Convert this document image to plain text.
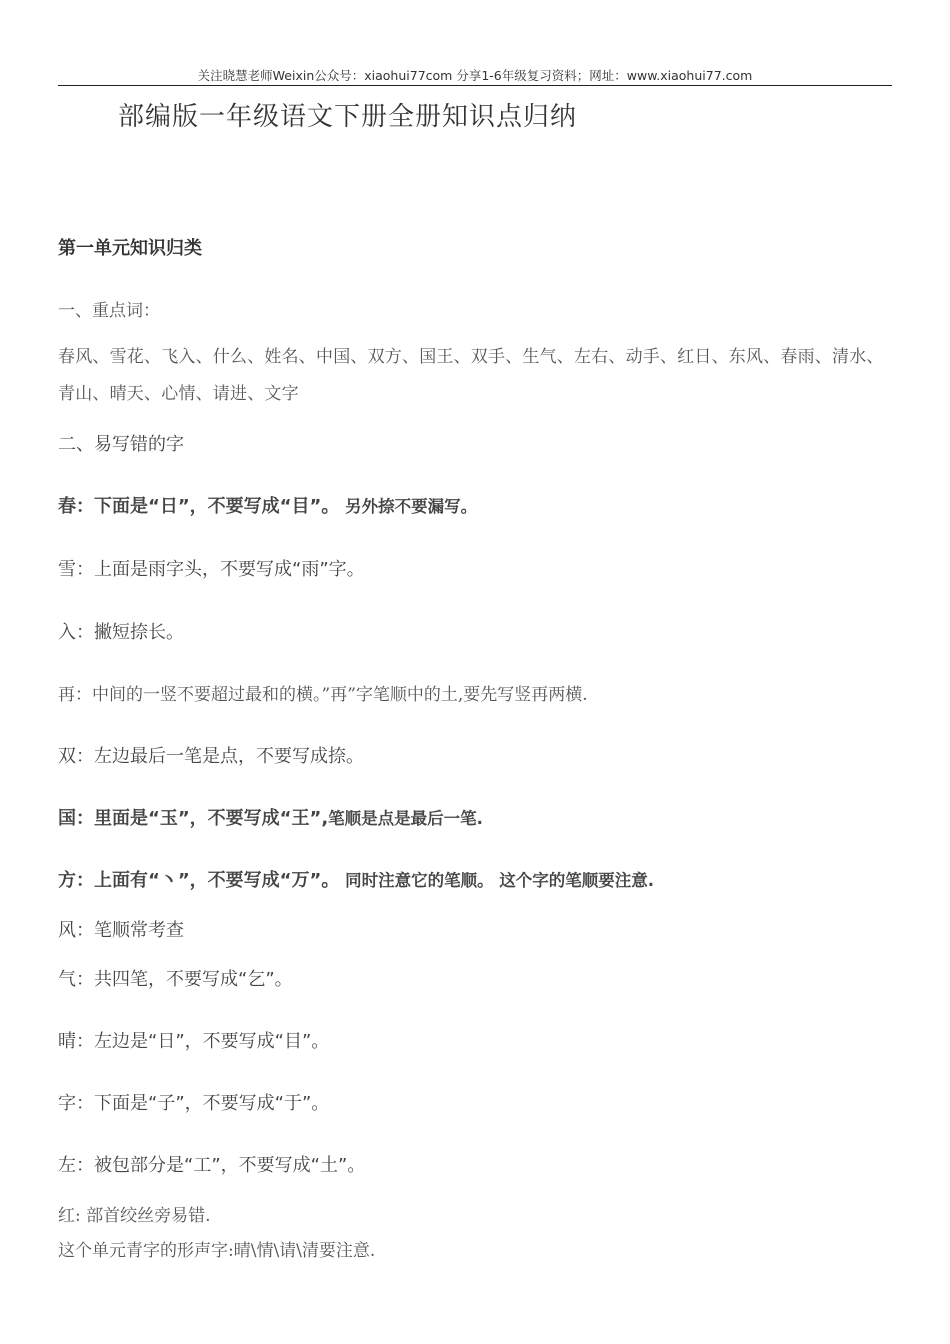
关注晓慧老师Weixin公众号：xiaohui77com 分享1-6年级复习资料；网址：www.xiaohui77.com
部编版一年级语文下册全册知识点归纳
第一单元知识归类
一、重点词：
春风、雪花、飞入、什么、姓名、中国、双方、国王、双手、生气、左右、动手、红日、东风、春雨、清水、青山、晴天、心情、请进、文字
二、易写错的字
春：下面是“日”，不要写成“目”。 另外捺不要漏写。
雪：上面是雨字头，不要写成“雨”字。
入：撇短捺长。
再：中间的一竖不要超过最和的横。”再”字笔顺中的土,要先写竖再两横.
双：左边最后一笔是点，不要写成捺。
国：里面是“玉”，不要写成“王”,笔顺是点是最后一笔.
方：上面有“丶”，不要写成“万”。 同时注意它的笔顺。 这个字的笔顺要注意.
风：笔顺常考查
气：共四笔，不要写成“乞”。
晴：左边是“日”，不要写成“目”。
字：下面是“子”，不要写成“于”。
左：被包部分是“工”，不要写成“土”。
红: 部首绞丝旁易错.
这个单元青字的形声字:晴\情\请\清要注意.
